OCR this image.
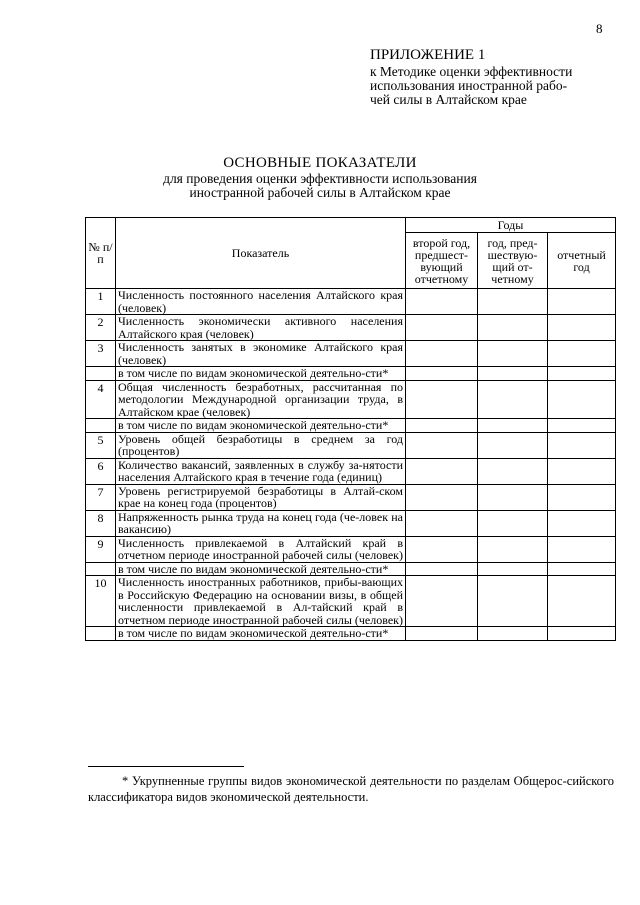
8
ПРИЛОЖЕНИЕ 1
к Методике оценки эффективности
использования иностранной рабо-
чей силы в Алтайском крае
ОСНОВНЫЕ ПОКАЗАТЕЛИ
для проведения оценки эффективности использования
иностранной рабочей силы в Алтайском крае
№ п/п	Показатель	Годы		
		второй год, предшест-вующий отчетному	год, пред-шествую-щий от-четному	отчетный год
1	Численность постоянного населения Алтайского края (человек)			
2	Численность экономически активного населения Алтайского края (человек)			
3	Численность занятых в экономике Алтайского края (человек)			
	в том числе по видам экономической деятельно-сти*			
4	Общая численность безработных, рассчитанная по методологии Международной организации труда, в Алтайском крае (человек)			
	в том числе по видам экономической деятельно-сти*			
5	Уровень общей безработицы в среднем за год (процентов)			
6	Количество вакансий, заявленных в службу за-нятости населения Алтайского края в течение года (единиц)			
7	Уровень регистрируемой безработицы в Алтай-ском крае на конец года (процентов)			
8	Напряженность рынка труда на конец года (че-ловек на вакансию)			
9	Численность привлекаемой в Алтайский край в отчетном периоде иностранной рабочей силы (человек)			
	в том числе по видам экономической деятельно-сти*			
10	Численность иностранных работников, прибы-вающих в Российскую Федерацию на основании визы, в общей численности привлекаемой в Ал-тайский край в отчетном периоде иностранной рабочей силы (человек)			
	в том числе по видам экономической деятельно-сти*			
* Укрупненные группы видов экономической деятельности по разделам Общерос-сийского классификатора видов экономической деятельности.
